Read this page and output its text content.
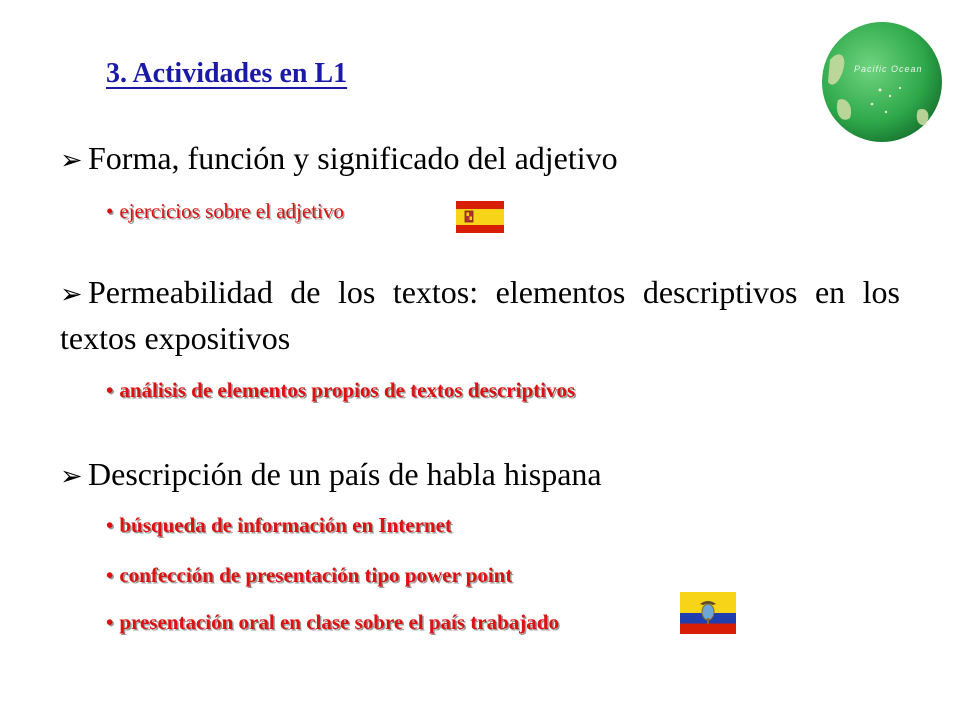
3. Actividades en L1	Pacific Ocean
➢ Forma, función y significado del adjetivo
• ejercicios sobre el adjetivo
➢ Permeabilidad de los textos: elementos descriptivos en los textos expositivos
• análisis de elementos propios de textos descriptivos
➢ Descripción de un país de habla hispana
• búsqueda de información en Internet
• confección de presentación tipo power point
• presentación oral en clase sobre el país trabajado
